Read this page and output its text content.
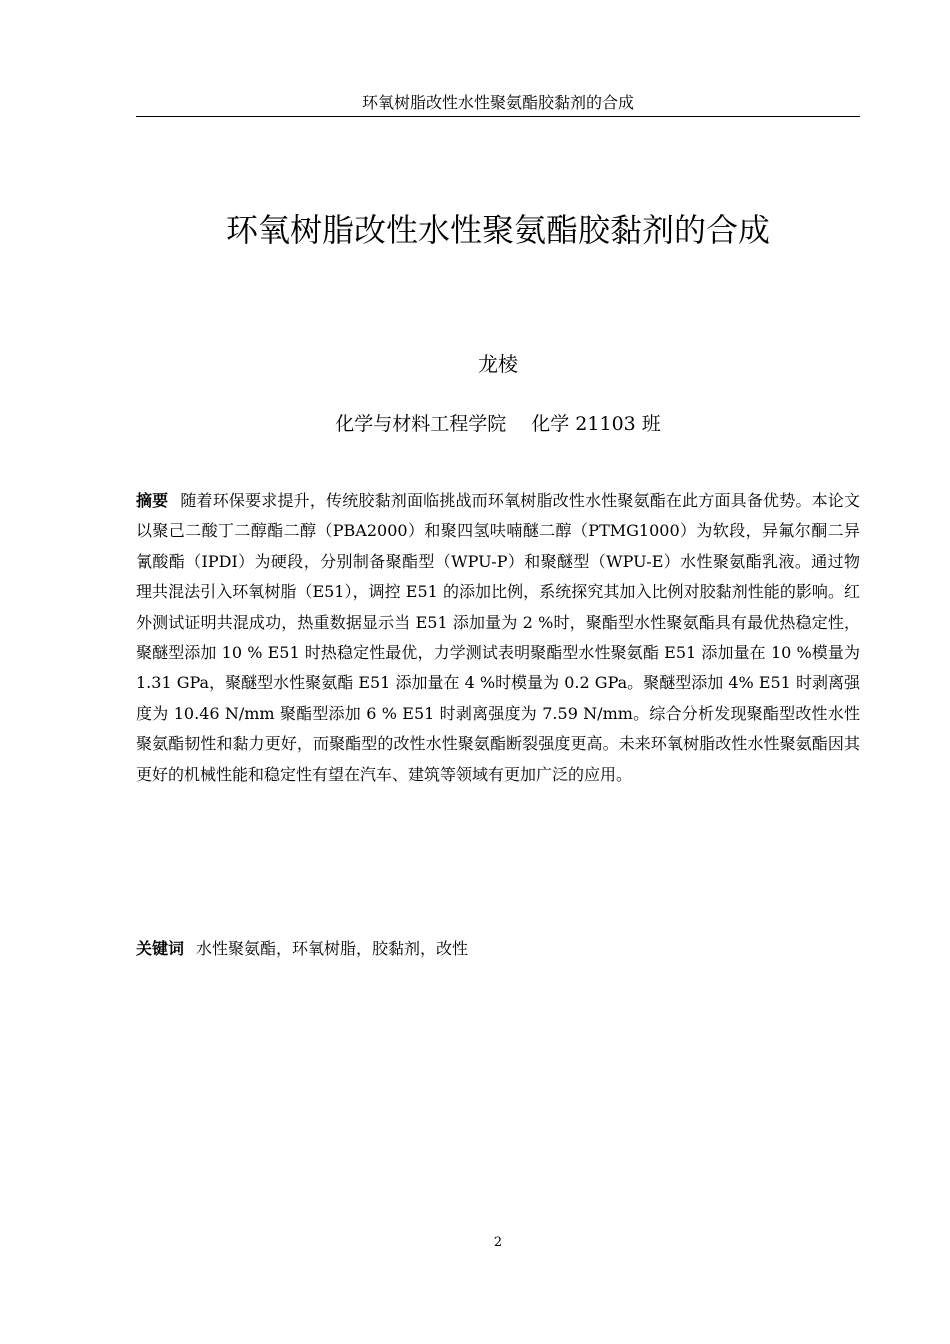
环氧树脂改性水性聚氨酯胶黏剂的合成
环氧树脂改性水性聚氨酯胶黏剂的合成
龙棱
化学与材料工程学院　 化学 21103 班

摘要 随着环保要求提升，传统胶黏剂面临挑战而环氧树脂改性水性聚氨酯在此方面具备优势。本论文以聚己二酸丁二醇酯二醇（PBA2000）和聚四氢呋喃醚二醇（PTMG1000）为软段，异氟尔酮二异氰酸酯（IPDI）为硬段，分别制备聚酯型（WPU-P）和聚醚型（WPU-E）水性聚氨酯乳液。通过物理共混法引入环氧树脂（E51），调控 E51 的添加比例，系统探究其加入比例对胶黏剂性能的影响。红外测试证明共混成功，热重数据显示当 E51 添加量为 2 %时，聚酯型水性聚氨酯具有最优热稳定性，聚醚型添加 10 % E51 时热稳定性最优，力学测试表明聚酯型水性聚氨酯 E51 添加量在 10 %模量为 1.31 GPa，聚醚型水性聚氨酯 E51 添加量在 4 %时模量为 0.2 GPa。聚醚型添加 4% E51 时剥离强度为 10.46 N/mm 聚酯型添加 6 % E51 时剥离强度为 7.59 N/mm。综合分析发现聚酯型改性水性聚氨酯韧性和黏力更好，而聚酯型的改性水性聚氨酯断裂强度更高。未来环氧树脂改性水性聚氨酯因其更好的机械性能和稳定性有望在汽车、建筑等领域有更加广泛的应用。

关键词 水性聚氨酯，环氧树脂，胶黏剂，改性
2
